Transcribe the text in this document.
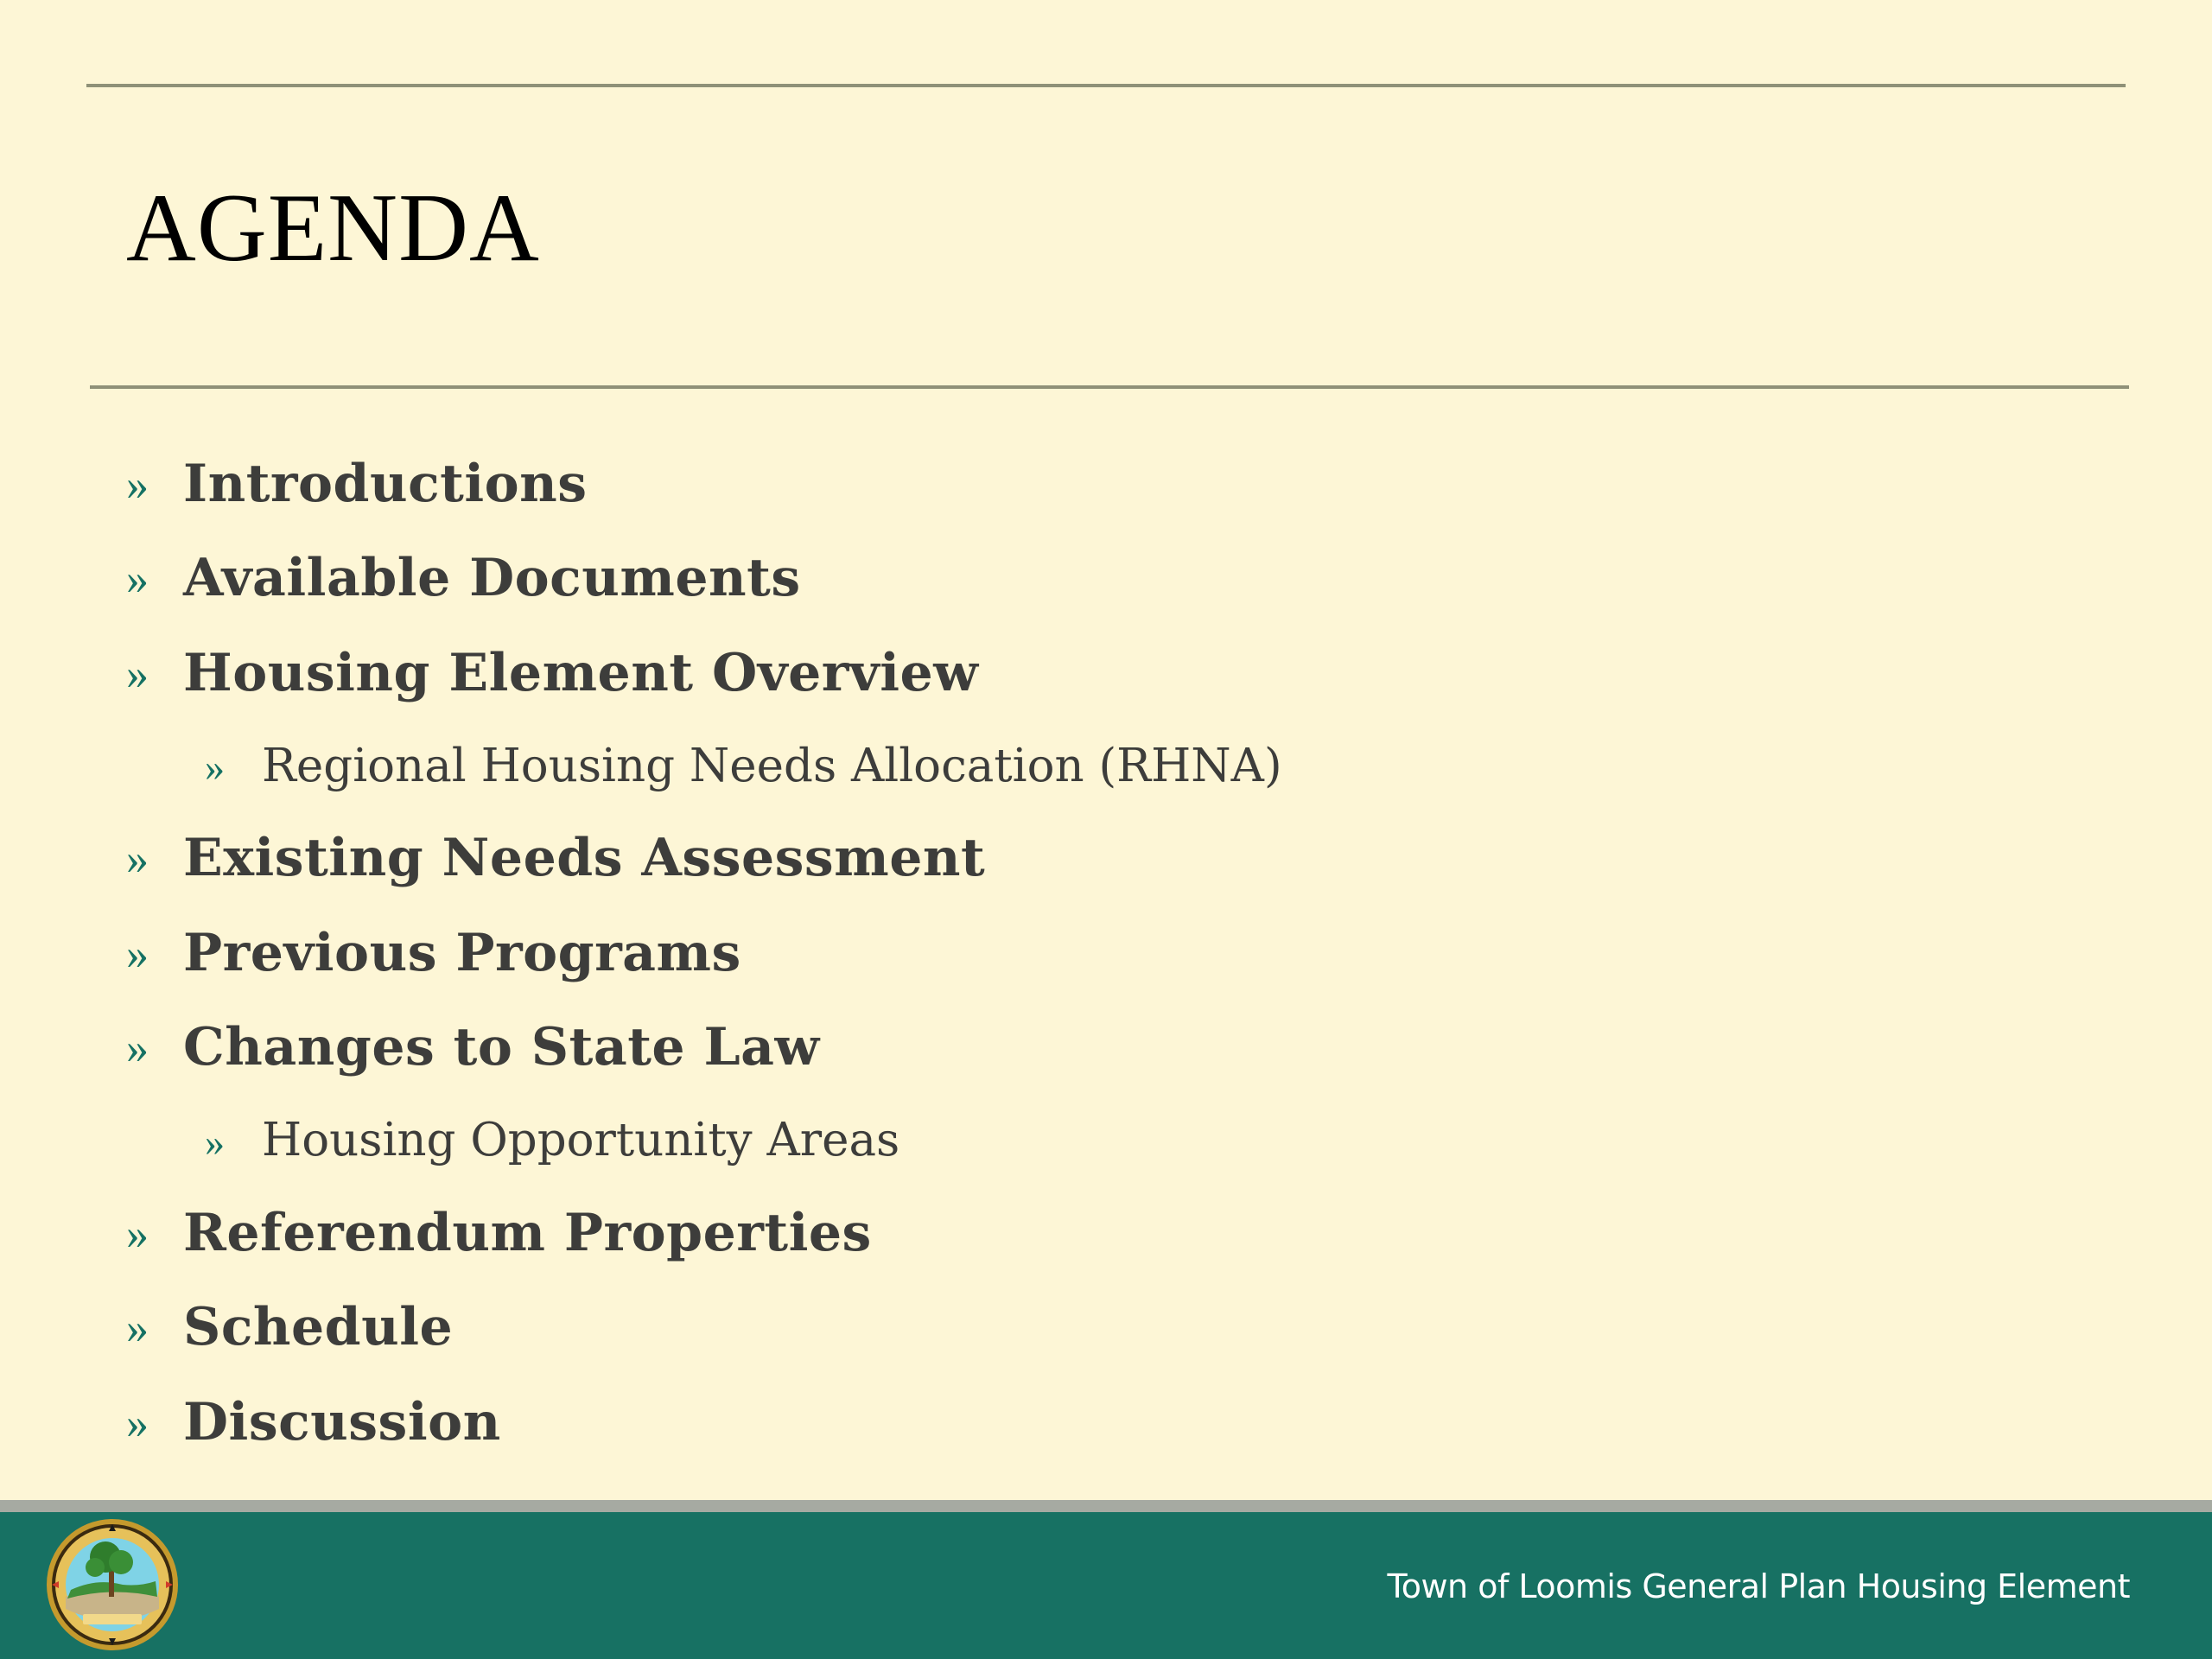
AGENDA
» Introductions
» Available Documents
» Housing Element Overview
» Regional Housing Needs Allocation (RHNA)
» Existing Needs Assessment
» Previous Programs
» Changes to State Law
» Housing Opportunity Areas
» Referendum Properties
» Schedule
» Discussion
Town of Loomis General Plan Housing Element
